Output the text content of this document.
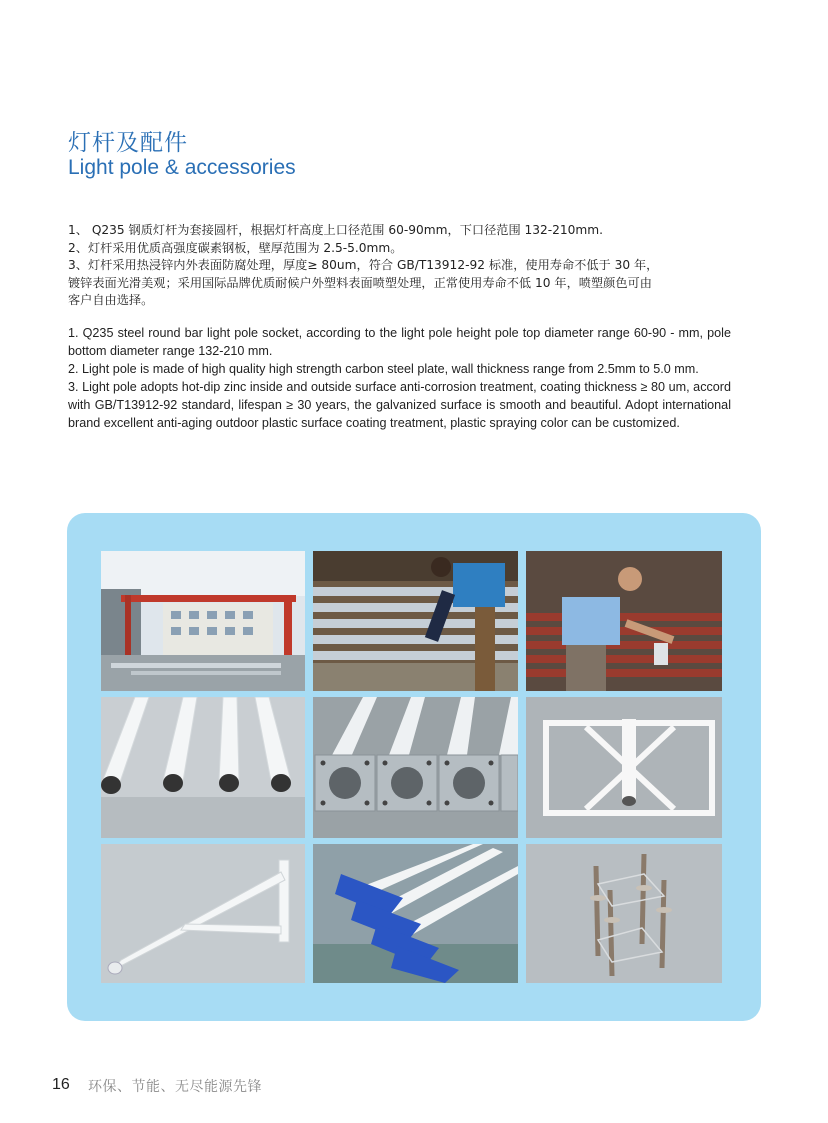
灯杆及配件
Light pole & accessories

1、 Q235 钢质灯杆为套接圆杆，根据灯杆高度上口径范围 60-90mm，下口径范围 132-210mm.

2、灯杆采用优质高强度碳素钢板，壁厚范围为 2.5-5.0mm。

3、灯杆采用热浸锌内外表面防腐处理，厚度≥ 80um，符合 GB/T13912-92 标准，使用寿命不低于 30 年，

镀锌表面光滑美观；采用国际品牌优质耐候户外塑料表面喷塑处理，正常使用寿命不低 10 年，喷塑颜色可由

客户自由选择。

1. Q235 steel round bar light pole socket, according to the light pole height pole top diameter range 60-90 - mm, pole bottom diameter range 132-210 mm.

2. Light pole is made of high quality high strength carbon steel plate, wall thickness range from 2.5mm to 5.0 mm.

3. Light pole adopts hot-dip zinc inside and outside surface anti-corrosion treatment, coating thickness ≥ 80 um, accord with GB/T13912-92 standard, lifespan ≥ 30 years, the galvanized surface is smooth and beautiful. Adopt international brand excellent anti-aging outdoor plastic surface coating treatment, plastic spraying color can be customized.

16 环保、节能、无尽能源先锋
